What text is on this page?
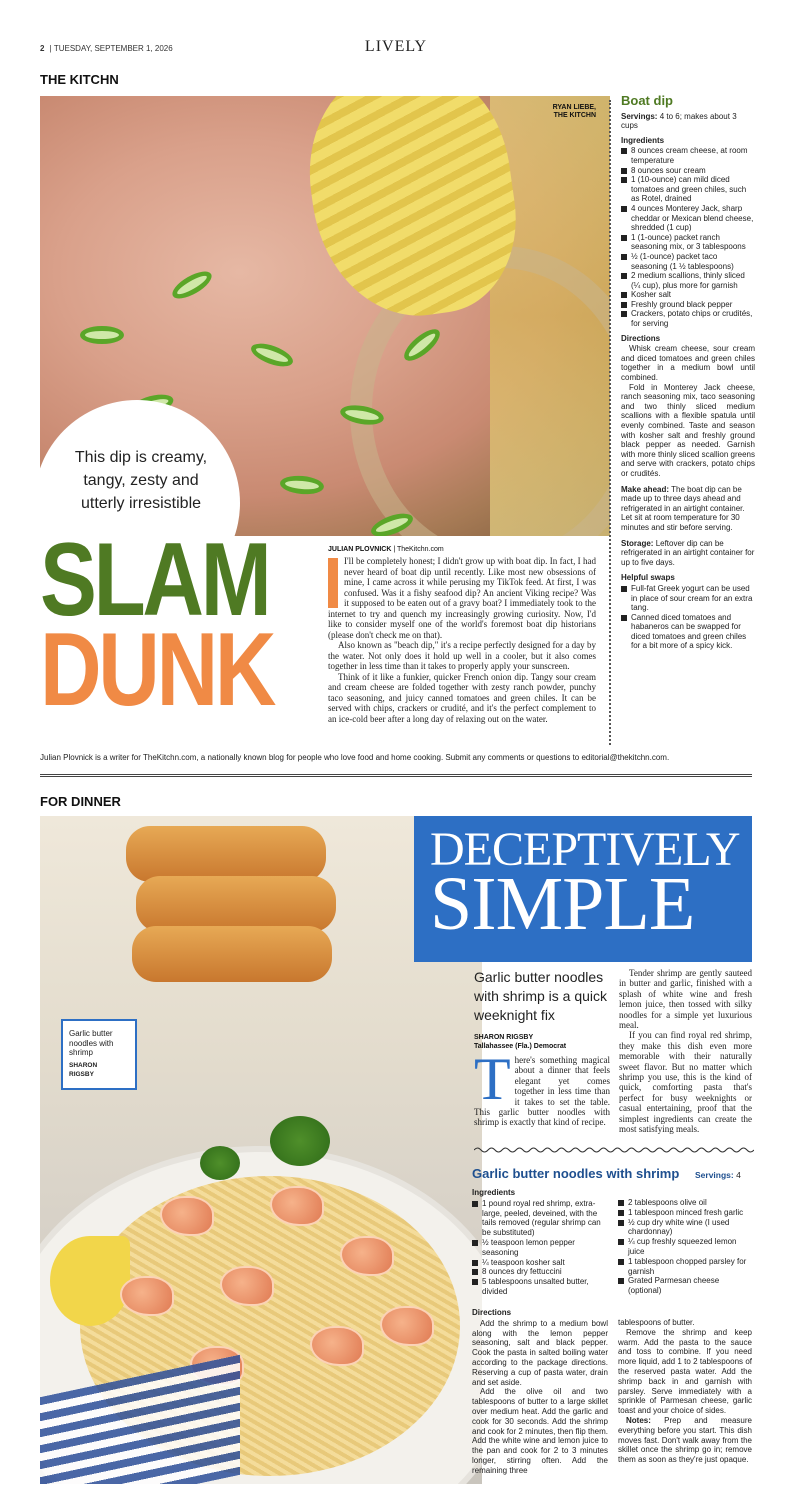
2 | TUESDAY, SEPTEMBER 1, 2026	LIVELY
THE KITCHN
RYAN LIEBE,
THE KITCHN
This dip is creamy, tangy, zesty and utterly irresistible
SLAM
DUNK
JULIAN PLOVNICK | TheKitchn.com

I'll be completely honest; I didn't grow up with boat dip. In fact, I had never heard of boat dip until recently. Like most new obsessions of mine, I came across it while perusing my TikTok feed. At first, I was confused. Was it a fishy seafood dip? An ancient Viking recipe? Was it supposed to be eaten out of a gravy boat? I immediately took to the internet to try and quench my increasingly growing curiosity. Now, I'd like to consider myself one of the world's foremost boat dip historians (please don't check me on that).

Also known as "beach dip," it's a recipe perfectly designed for a day by the water. Not only does it hold up well in a cooler, but it also comes together in less time than it takes to properly apply your sunscreen.

Think of it like a funkier, quicker French onion dip. Tangy sour cream and cream cheese are folded together with zesty ranch powder, punchy taco seasoning, and juicy canned tomatoes and green chiles. It can be served with chips, crackers or crudité, and it's the perfect complement to an ice-cold beer after a long day of relaxing out on the water.

Boat dip
Servings: 4 to 6; makes about 3 cups
Ingredients
8 ounces cream cheese, at room temperature
8 ounces sour cream
1 (10-ounce) can mild diced tomatoes and green chiles, such as Rotel, drained
4 ounces Monterey Jack, sharp cheddar or Mexican blend cheese, shredded (1 cup)
1 (1-ounce) packet ranch seasoning mix, or 3 tablespoons
½ (1-ounce) packet taco seasoning (1 ½ tablespoons)
2 medium scallions, thinly sliced (¼ cup), plus more for garnish
Kosher salt
Freshly ground black pepper
Crackers, potato chips or crudités, for serving
Directions

Whisk cream cheese, sour cream and diced tomatoes and green chiles together in a medium bowl until combined.

Fold in Monterey Jack cheese, ranch seasoning mix, taco seasoning and two thinly sliced medium scallions with a flexible spatula until evenly combined. Taste and season with kosher salt and freshly ground black pepper as needed. Garnish with more thinly sliced scallion greens and serve with crackers, potato chips or crudités.

Make ahead: The boat dip can be made up to three days ahead and refrigerated in an airtight container. Let sit at room temperature for 30 minutes and stir before serving.

Storage: Leftover dip can be refrigerated in an airtight container for up to five days.

Helpful swaps
Full-fat Greek yogurt can be used in place of sour cream for an extra tang.
Canned diced tomatoes and habaneros can be swapped for diced tomatoes and green chiles for a bit more of a spicy kick.
Julian Plovnick is a writer for TheKitchn.com, a nationally known blog for people who love food and home cooking. Submit any comments or questions to editorial@thekitchn.com.
FOR DINNER
Garlic butter noodles with shrimp
SHARON
RIGSBY
DECEPTIVELY
SIMPLE
Garlic butter noodles with shrimp is a quick weeknight fix
SHARON RIGSBY
Tallahassee (Fla.) Democrat
There's something magical about a dinner that feels elegant yet comes together in less time than it takes to set the table. This garlic butter noodles with shrimp is exactly that kind of recipe.

Tender shrimp are gently sauteed in butter and garlic, finished with a splash of white wine and fresh lemon juice, then tossed with silky noodles for a simple yet luxurious meal.

If you can find royal red shrimp, they make this dish even more memorable with their naturally sweet flavor. But no matter which shrimp you use, this is the kind of quick, comforting pasta that's perfect for busy weeknights or casual entertaining, proof that the simplest ingredients can create the most satisfying meals.

Garlic butter noodles with shrimp Servings: 4
Ingredients
1 pound royal red shrimp, extra-large, peeled, deveined, with the tails removed (regular shrimp can be substituted)
½ teaspoon lemon pepper seasoning
¼ teaspoon kosher salt
8 ounces dry fettuccini
5 tablespoons unsalted butter, divided
2 tablespoons olive oil
1 tablespoon minced fresh garlic
½ cup dry white wine (I used chardonnay)
¼ cup freshly squeezed lemon juice
1 tablespoon chopped parsley for garnish
Grated Parmesan cheese (optional)
Directions

Add the shrimp to a medium bowl along with the lemon pepper seasoning, salt and black pepper. Cook the pasta in salted boiling water according to the package directions. Reserving a cup of pasta water, drain and set aside.

Add the olive oil and two tablespoons of butter to a large skillet over medium heat. Add the garlic and cook for 30 seconds. Add the shrimp and cook for 2 minutes, then flip them. Add the white wine and lemon juice to the pan and cook for 2 to 3 minutes longer, stirring often. Add the remaining three

tablespoons of butter.

Remove the shrimp and keep warm. Add the pasta to the sauce and toss to combine. If you need more liquid, add 1 to 2 tablespoons of the reserved pasta water. Add the shrimp back in and garnish with parsley. Serve immediately with a sprinkle of Parmesan cheese, garlic toast and your choice of sides.

Notes: Prep and measure everything before you start. This dish moves fast. Don't walk away from the skillet once the shrimp go in; remove them as soon as they're just opaque.
